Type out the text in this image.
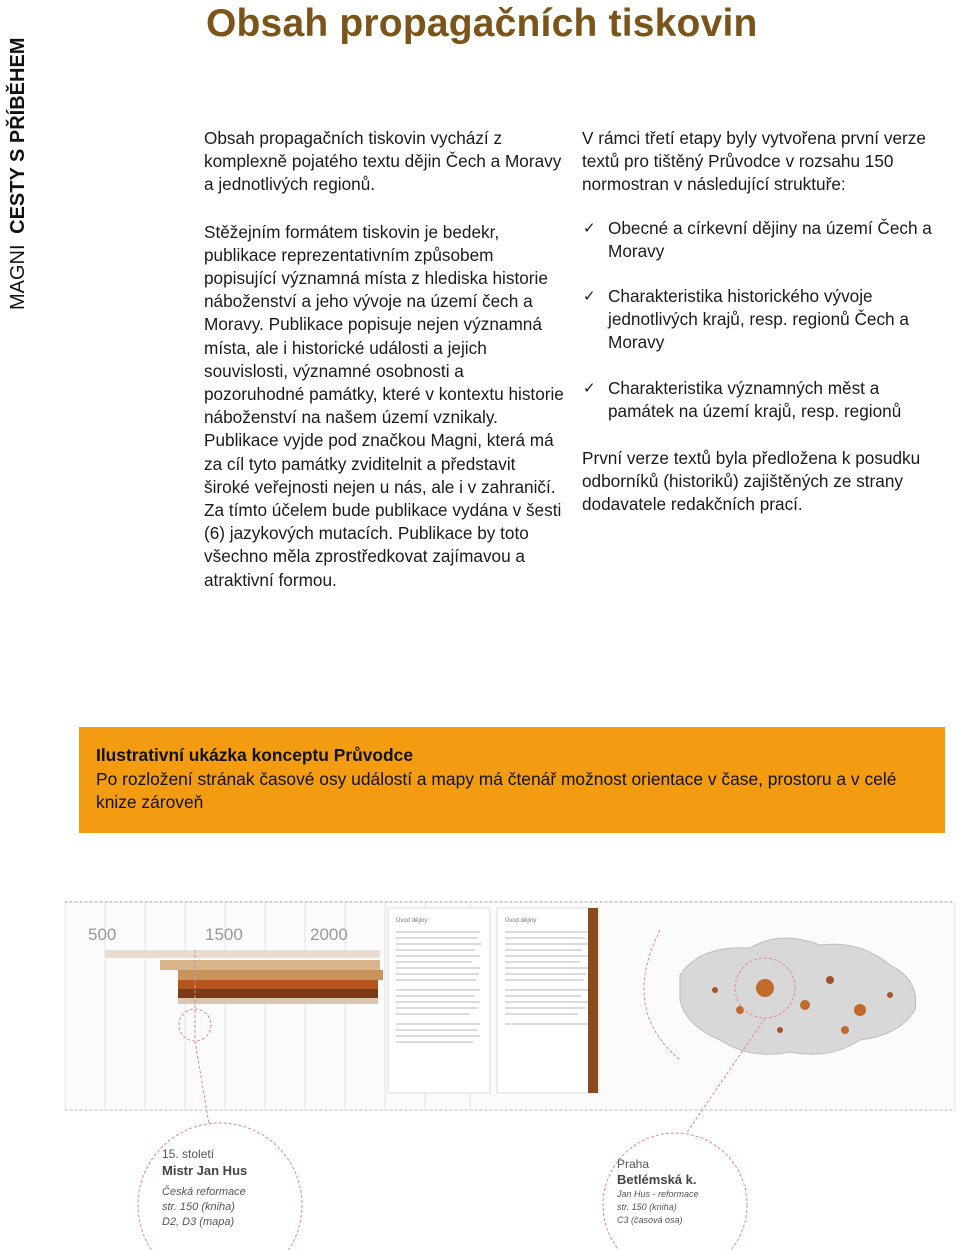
MAGNI CESTY S PŘÍBĚHEM
Obsah propagačních tiskovin

Obsah propagačních tiskovin vychází z komplexně pojatého textu dějin Čech a Moravy a jednotlivých regionů.

Stěžejním formátem tiskovin je bedekr, publikace reprezentativním způsobem popisující významná místa z hlediska historie náboženství a jeho vývoje na území čech a Moravy. Publikace popisuje nejen významná místa, ale i historické události a jejich souvislosti, významné osobnosti a pozoruhodné památky, které v kontextu historie náboženství na našem území vznikaly. Publikace vyjde pod značkou Magni, která má za cíl tyto památky zviditelnit a představit široké veřejnosti nejen u nás, ale i v zahraničí. Za tímto účelem bude publikace vydána v šesti (6) jazykových mutacích. Publikace by toto všechno měla zprostředkovat zajímavou a atraktivní formou.

V rámci třetí etapy byly vytvořena první verze textů pro tištěný Průvodce v rozsahu 150 normostran v následující struktuře:

✓ Obecné a církevní dějiny na území Čech a Moravy
✓ Charakteristika historického vývoje jednotlivých krajů, resp. regionů Čech a Moravy
✓ Charakteristika významných měst a památek na území krajů, resp. regionů

První verze textů byla předložena k posudku odborníků (historiků) zajištěných ze strany dodavatele redakčních prací.

Ilustrativní ukázka konceptu Průvodce
Po rozložení strának časové osy událostí a mapy má čtenář možnost orientace v čase, prostoru a v celé knize zároveň
500	1500	2000
Úvod dějiny	Úvod dějiny
15. století
Mistr Jan Hus
Česká reformace
str. 150 (kniha)
D2, D3 (mapa)
Praha
Betlémská k.
Jan Hus - reformace
str. 150 (kniha)
C3 (časová osa)
